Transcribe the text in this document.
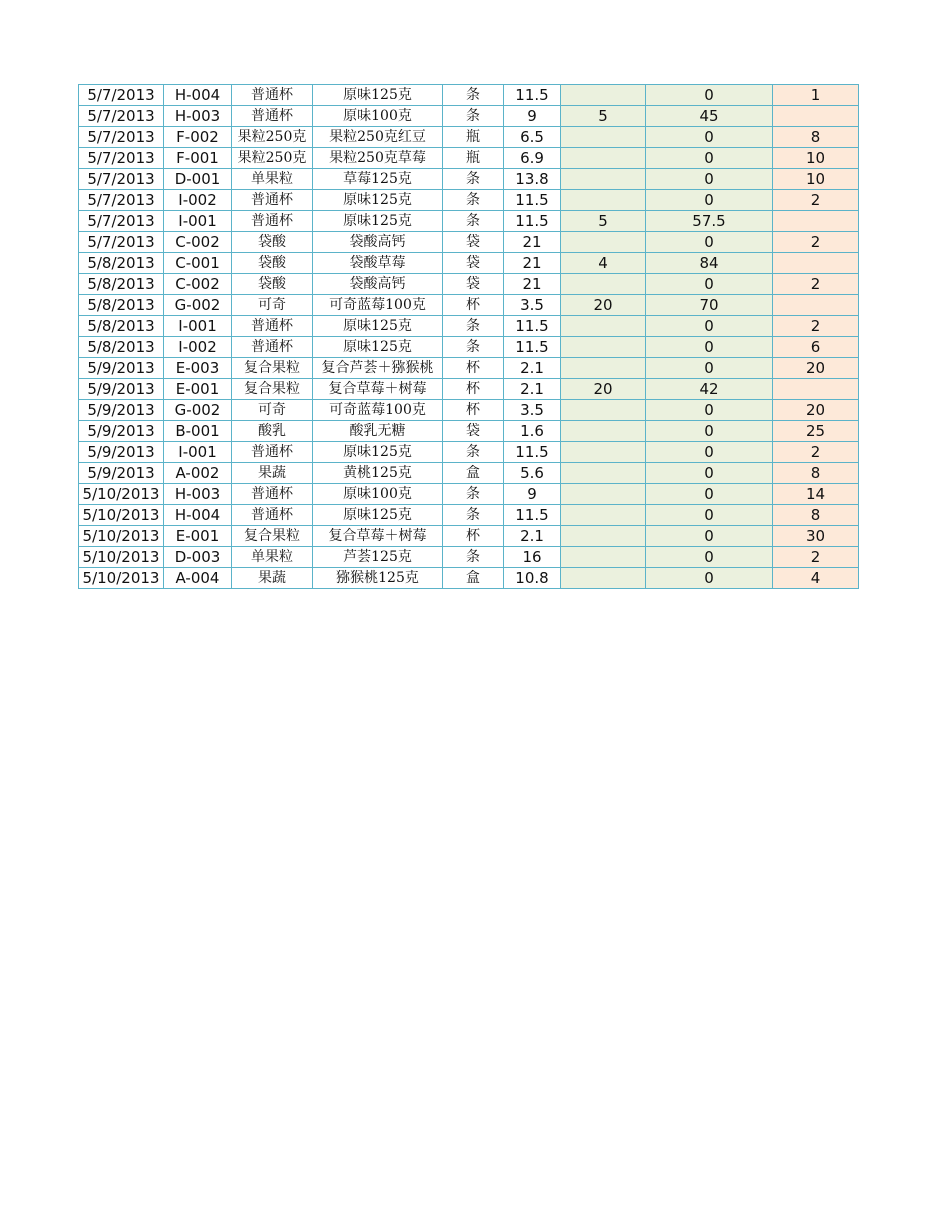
5/7/2013	H-004	普通杯	原味125克	条	11.5		0	1
5/7/2013	H-003	普通杯	原味100克	条	9	5	45	
5/7/2013	F-002	果粒250克	果粒250克红豆	瓶	6.5		0	8
5/7/2013	F-001	果粒250克	果粒250克草莓	瓶	6.9		0	10
5/7/2013	D-001	单果粒	草莓125克	条	13.8		0	10
5/7/2013	I-002	普通杯	原味125克	条	11.5		0	2
5/7/2013	I-001	普通杯	原味125克	条	11.5	5	57.5	
5/7/2013	C-002	袋酸	袋酸高钙	袋	21		0	2
5/8/2013	C-001	袋酸	袋酸草莓	袋	21	4	84	
5/8/2013	C-002	袋酸	袋酸高钙	袋	21		0	2
5/8/2013	G-002	可奇	可奇蓝莓100克	杯	3.5	20	70	
5/8/2013	I-001	普通杯	原味125克	条	11.5		0	2
5/8/2013	I-002	普通杯	原味125克	条	11.5		0	6
5/9/2013	E-003	复合果粒	复合芦荟＋猕猴桃	杯	2.1		0	20
5/9/2013	E-001	复合果粒	复合草莓＋树莓	杯	2.1	20	42	
5/9/2013	G-002	可奇	可奇蓝莓100克	杯	3.5		0	20
5/9/2013	B-001	酸乳	酸乳无糖	袋	1.6		0	25
5/9/2013	I-001	普通杯	原味125克	条	11.5		0	2
5/9/2013	A-002	果蔬	黄桃125克	盒	5.6		0	8
5/10/2013	H-003	普通杯	原味100克	条	9		0	14
5/10/2013	H-004	普通杯	原味125克	条	11.5		0	8
5/10/2013	E-001	复合果粒	复合草莓＋树莓	杯	2.1		0	30
5/10/2013	D-003	单果粒	芦荟125克	条	16		0	2
5/10/2013	A-004	果蔬	猕猴桃125克	盒	10.8		0	4
